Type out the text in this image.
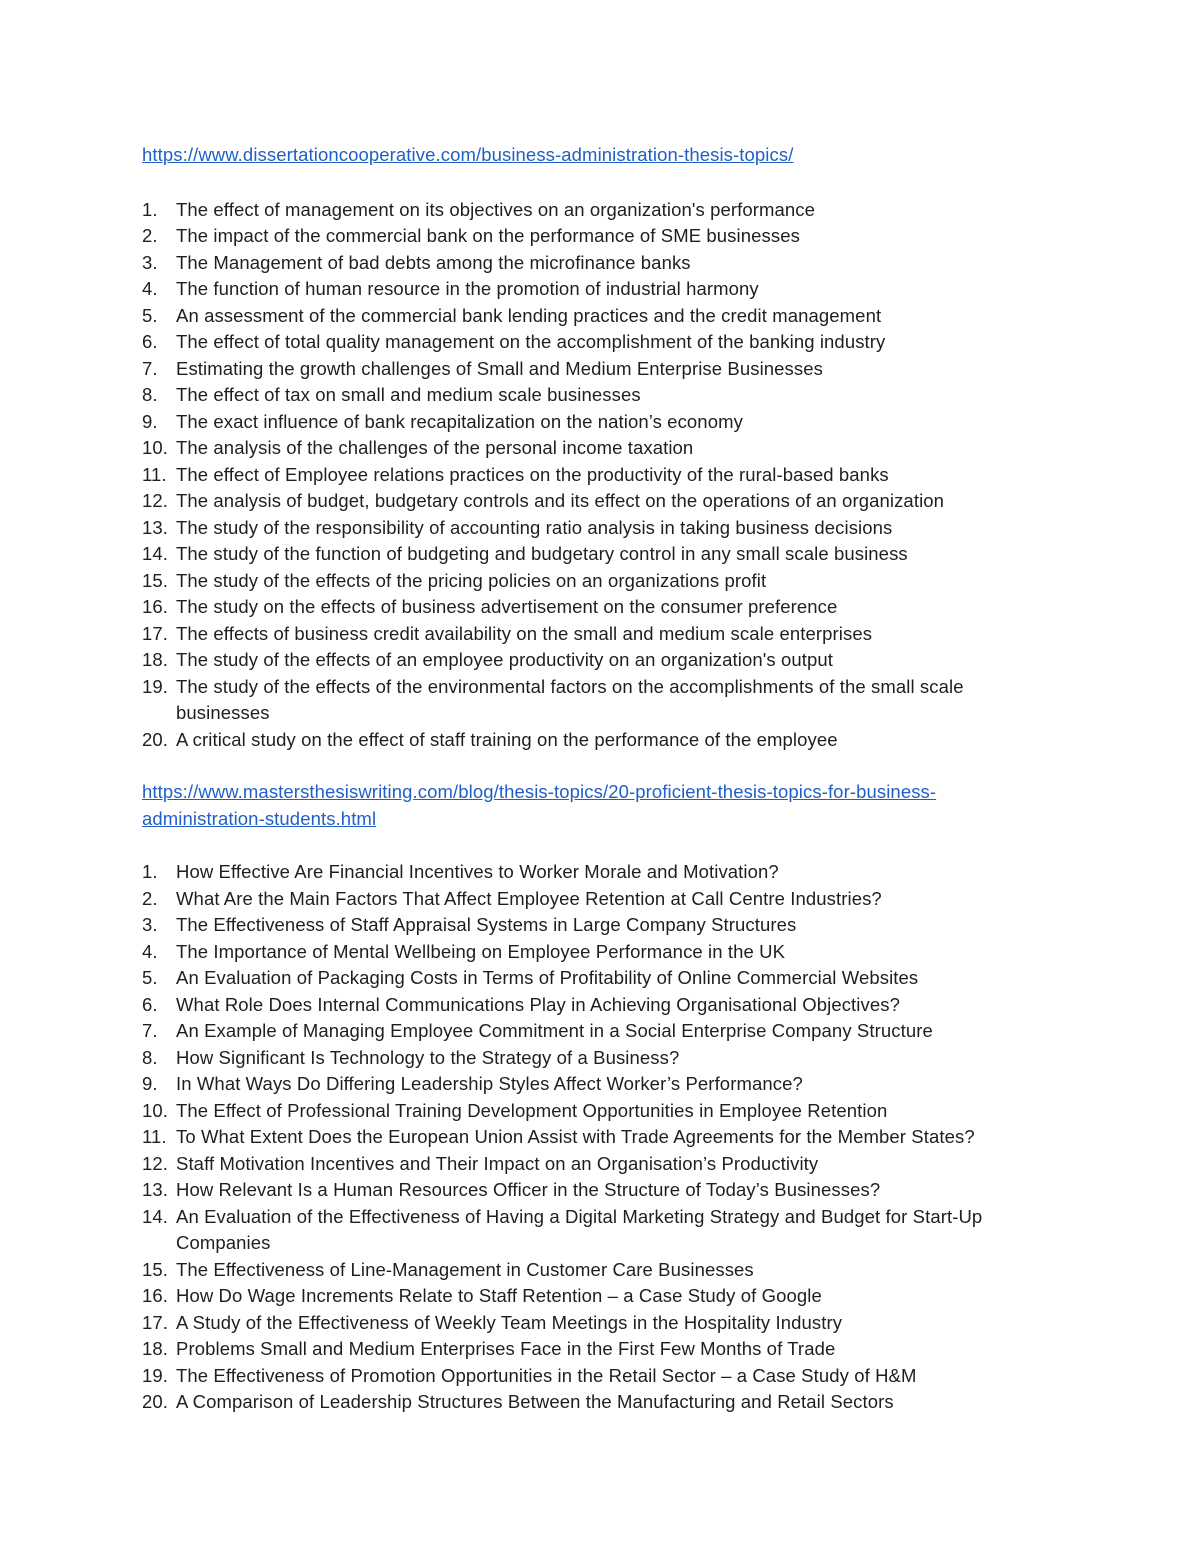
https://www.dissertationcooperative.com/business-administration-thesis-topics/
1. The effect of management on its objectives on an organization's performance
2. The impact of the commercial bank on the performance of SME businesses
3. The Management of bad debts among the microfinance banks
4. The function of human resource in the promotion of industrial harmony
5. An assessment of the commercial bank lending practices and the credit management
6. The effect of total quality management on the accomplishment of the banking industry
7. Estimating the growth challenges of Small and Medium Enterprise Businesses
8. The effect of tax on small and medium scale businesses
9. The exact influence of bank recapitalization on the nation’s economy
10. The analysis of the challenges of the personal income taxation
11. The effect of Employee relations practices on the productivity of the rural-based banks
12. The analysis of budget, budgetary controls and its effect on the operations of an organization
13. The study of the responsibility of accounting ratio analysis in taking business decisions
14. The study of the function of budgeting and budgetary control in any small scale business
15. The study of the effects of the pricing policies on an organizations profit
16. The study on the effects of business advertisement on the consumer preference
17. The effects of business credit availability on the small and medium scale enterprises
18. The study of the effects of an employee productivity on an organization's output
19. The study of the effects of the environmental factors on the accomplishments of the small scale businesses
20. A critical study on the effect of staff training on the performance of the employee
https://www.mastersthesiswriting.com/blog/thesis-topics/20-proficient-thesis-topics-for-business-administration-students.html
1. How Effective Are Financial Incentives to Worker Morale and Motivation?
2. What Are the Main Factors That Affect Employee Retention at Call Centre Industries?
3. The Effectiveness of Staff Appraisal Systems in Large Company Structures
4. The Importance of Mental Wellbeing on Employee Performance in the UK
5. An Evaluation of Packaging Costs in Terms of Profitability of Online Commercial Websites
6. What Role Does Internal Communications Play in Achieving Organisational Objectives?
7. An Example of Managing Employee Commitment in a Social Enterprise Company Structure
8. How Significant Is Technology to the Strategy of a Business?
9. In What Ways Do Differing Leadership Styles Affect Worker’s Performance?
10. The Effect of Professional Training Development Opportunities in Employee Retention
11. To What Extent Does the European Union Assist with Trade Agreements for the Member States?
12. Staff Motivation Incentives and Their Impact on an Organisation’s Productivity
13. How Relevant Is a Human Resources Officer in the Structure of Today’s Businesses?
14. An Evaluation of the Effectiveness of Having a Digital Marketing Strategy and Budget for Start-Up Companies
15. The Effectiveness of Line-Management in Customer Care Businesses
16. How Do Wage Increments Relate to Staff Retention – a Case Study of Google
17. A Study of the Effectiveness of Weekly Team Meetings in the Hospitality Industry
18. Problems Small and Medium Enterprises Face in the First Few Months of Trade
19. The Effectiveness of Promotion Opportunities in the Retail Sector – a Case Study of H&M
20. A Comparison of Leadership Structures Between the Manufacturing and Retail Sectors
